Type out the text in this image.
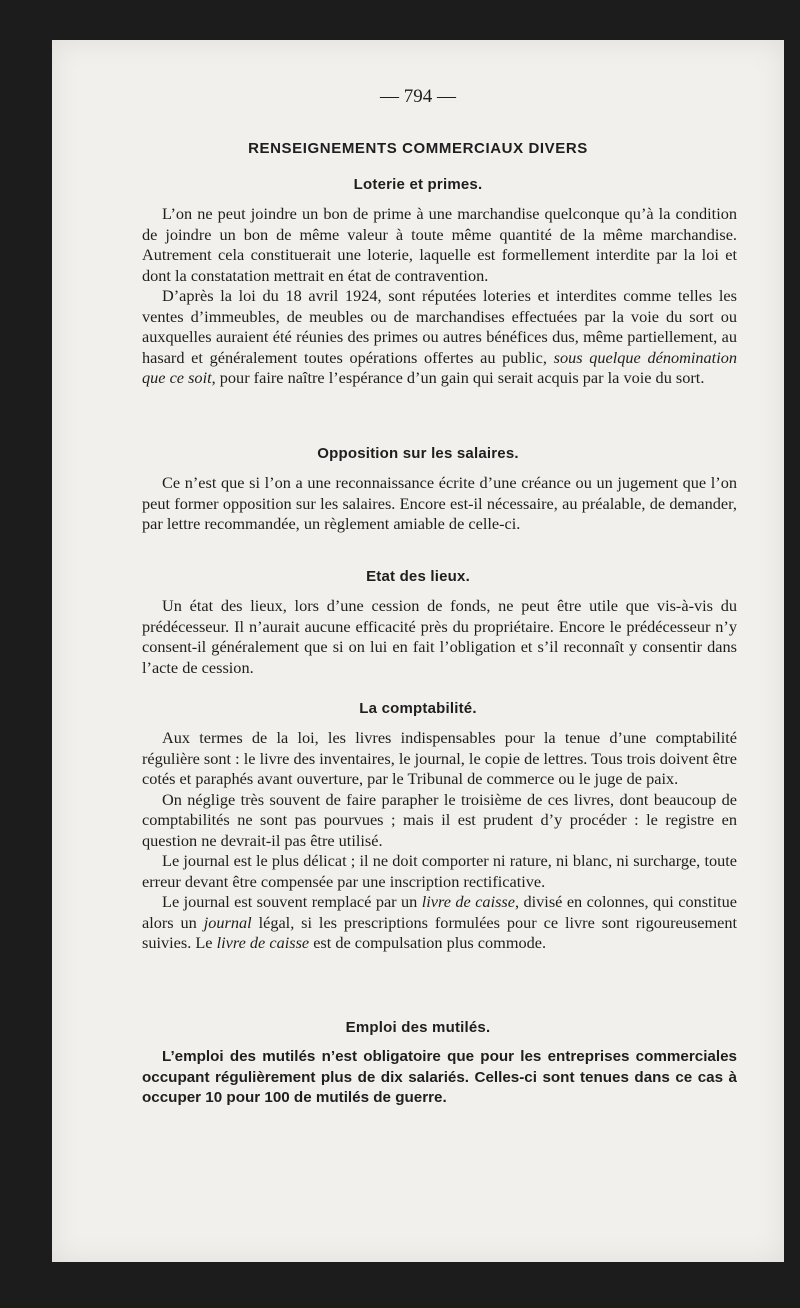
— 794 —
RENSEIGNEMENTS COMMERCIAUX DIVERS
Loterie et primes.

L’on ne peut joindre un bon de prime à une marchandise quelconque qu’à la condition de joindre un bon de même valeur à toute même quantité de la même marchandise. Autrement cela constituerait une loterie, laquelle est formellement interdite par la loi et dont la constatation mettrait en état de contravention.

D’après la loi du 18 avril 1924, sont réputées loteries et interdites comme telles les ventes d’immeubles, de meubles ou de marchandises effectuées par la voie du sort ou auxquelles auraient été réunies des primes ou autres bénéfices dus, même partiellement, au hasard et généralement toutes opérations offertes au public, sous quelque dénomination que ce soit, pour faire naître l’espérance d’un gain qui serait acquis par la voie du sort.

Opposition sur les salaires.

Ce n’est que si l’on a une reconnaissance écrite d’une créance ou un jugement que l’on peut former opposition sur les salaires. Encore est-il nécessaire, au préalable, de demander, par lettre recommandée, un règlement amiable de celle-ci.

Etat des lieux.

Un état des lieux, lors d’une cession de fonds, ne peut être utile que vis-à-vis du prédécesseur. Il n’aurait aucune efficacité près du propriétaire. Encore le prédécesseur n’y consent-il généralement que si on lui en fait l’obligation et s’il reconnaît y consentir dans l’acte de cession.

La comptabilité.

Aux termes de la loi, les livres indispensables pour la tenue d’une comptabilité régulière sont : le livre des inventaires, le journal, le copie de lettres. Tous trois doivent être cotés et paraphés avant ouverture, par le Tribunal de commerce ou le juge de paix.

On néglige très souvent de faire parapher le troisième de ces livres, dont beaucoup de comptabilités ne sont pas pourvues ; mais il est prudent d’y procéder : le registre en question ne devrait-il pas être utilisé.

Le journal est le plus délicat ; il ne doit comporter ni rature, ni blanc, ni surcharge, toute erreur devant être compensée par une inscription rectificative.

Le journal est souvent remplacé par un livre de caisse, divisé en colonnes, qui constitue alors un journal légal, si les prescriptions formulées pour ce livre sont rigoureusement suivies. Le livre de caisse est de compulsation plus commode.

Emploi des mutilés.

L’emploi des mutilés n’est obligatoire que pour les entreprises commerciales occupant régulièrement plus de dix salariés. Celles-ci sont tenues dans ce cas à occuper 10 pour 100 de mutilés de guerre.
